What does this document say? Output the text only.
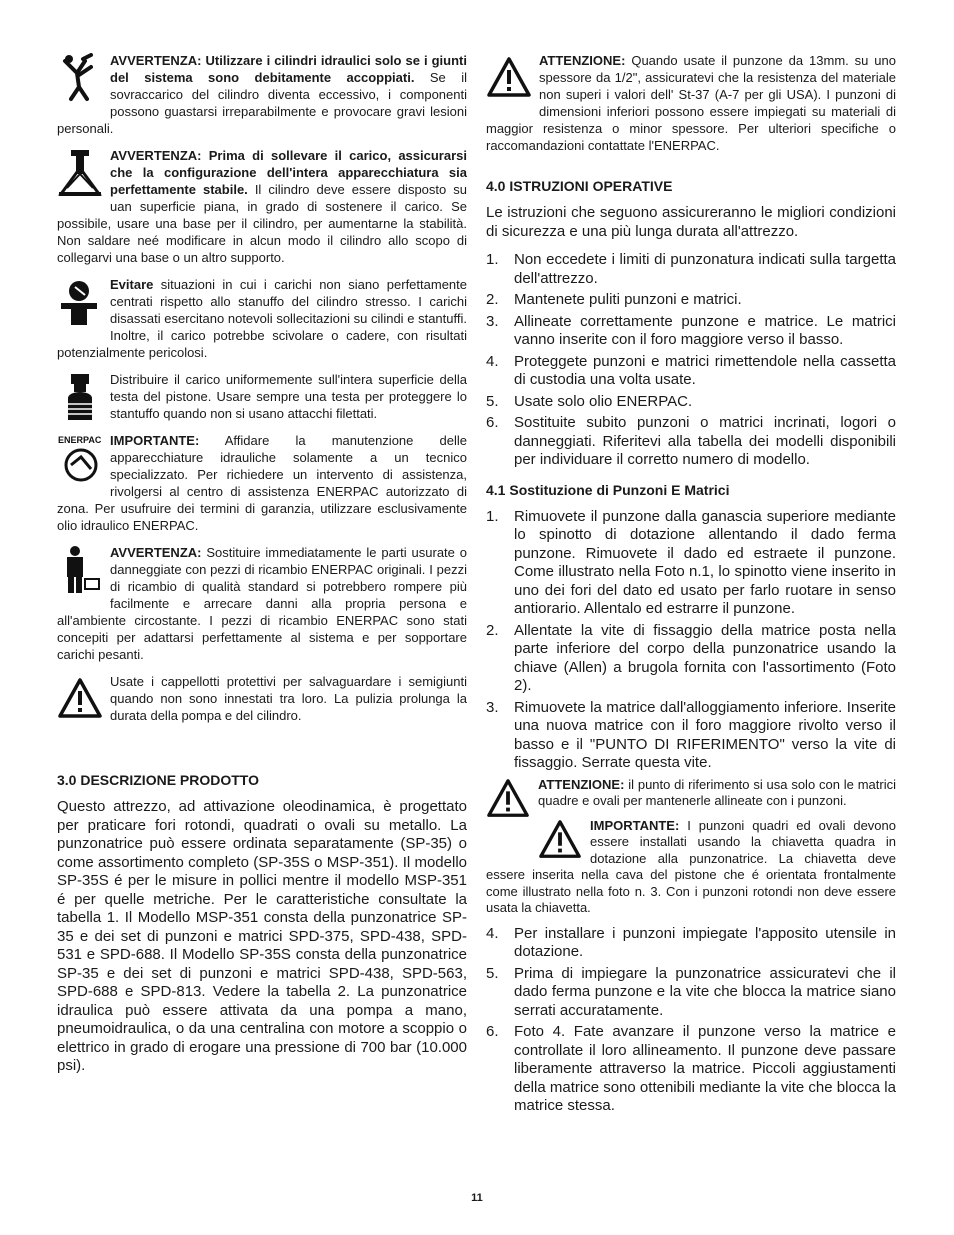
AVVERTENZA: Utilizzare i cilindri idraulici solo se i giunti del sistema sono debitamente accoppiati. Se il sovraccarico del cilindro diventa eccessivo, i componenti possono guastarsi irreparabilmente e provocare gravi lesioni personali.
AVVERTENZA: Prima di sollevare il carico, assicurarsi che la configurazione dell'intera apparecchiatura sia perfettamente stabile. Il cilindro deve essere disposto su uan superficie piana, in grado di sostenere il carico. Se possibile, usare una base per il cilindro, per aumentarne la stabilità. Non saldare neé modificare in alcun modo il cilindro allo scopo di collegarvi una base o un altro supporto.
Evitare situazioni in cui i carichi non siano perfettamente centrati rispetto allo stanuffo del cilindro stresso. I carichi disassati esercitano notevoli sollecitazioni su cilindi e stantuffi. Inoltre, il carico potrebbe scivolare o cadere, con risultati potenzialmente pericolosi.
Distribuire il carico uniformemente sull'intera superficie della testa del pistone. Usare sempre una testa per proteggere lo stantuffo quando non si usano attacchi filettati.
ENERPAC IMPORTANTE: Affidare la manutenzione delle apparecchiature idrauliche solamente a un tecnico specializzato. Per richiedere un intervento di assistenza, rivolgersi al centro di assistenza ENERPAC autorizzato di zona. Per usufruire dei termini di garanzia, utilizzare esclusivamente olio idraulico ENERPAC.
AVVERTENZA: Sostituire immediatamente le parti usurate o danneggiate con pezzi di ricambio ENERPAC originali. I pezzi di ricambio di qualità standard si potrebbero rompere più facilmente e arrecare danni alla propria persona e all'ambiente circostante. I pezzi di ricambio ENERPAC sono stati concepiti per adattarsi perfettamente al sistema e per sopportare carichi pesanti.
Usate i cappellotti protettivi per salvaguardare i semigiunti quando non sono innestati tra loro. La pulizia prolunga la durata della pompa e del cilindro.
3.0 DESCRIZIONE PRODOTTO

Questo attrezzo, ad attivazione oleodinamica, è progettato per praticare fori rotondi, quadrati o ovali su metallo. La punzonatrice può essere ordinata separatamente (SP-35) o come assortimento completo (SP-35S o MSP-351). Il modello SP-35S é per le misure in pollici mentre il modello MSP-351 é per quelle metriche. Per le caratteristiche consultate la tabella 1. Il Modello MSP-351 consta della punzonatrice SP-35 e dei set di punzoni e matrici SPD-375, SPD-438, SPD-531 e SPD-688. Il Modello SP-35S consta della punzonatrice SP-35 e dei set di punzoni e matrici SPD-438, SPD-563, SPD-688 e SPD-813. Vedere la tabella 2. La punzonatrice idraulica può essere attivata da una pompa a mano, pneumoidraulica, o da una centralina con motore a scoppio o elettrico in grado di erogare una pressione di 700 bar (10.000 psi).

ATTENZIONE: Quando usate il punzone da 13mm. su uno spessore da 1/2", assicuratevi che la resistenza del materiale non superi i valori dell' St-37 (A-7 per gli USA). I punzoni di dimensioni inferiori possono essere impiegati su materiali di maggior resistenza o minor spessore. Per ulteriori specifiche o raccomandazioni contattate l'ENERPAC.
4.0 ISTRUZIONI OPERATIVE

Le istruzioni che seguono assicureranno le migliori condizioni di sicurezza e una più lunga durata all'attrezzo.

1. Non eccedete i limiti di punzonatura indicati sulla targetta dell'attrezzo.
2. Mantenete puliti punzoni e matrici.
3. Allineate correttamente punzone e matrice. Le matrici vanno inserite con il foro maggiore verso il basso.
4. Proteggete punzoni e matrici rimettendole nella cassetta di custodia una volta usate.
5. Usate solo olio ENERPAC.
6. Sostituite subito punzoni o matrici incrinati, logori o danneggiati. Riferitevi alla tabella dei modelli disponibili per individuare il corretto numero di modello.
4.1 Sostituzione di Punzoni E Matrici
1. Rimuovete il punzone dalla ganascia superiore mediante lo spinotto di dotazione allentando il dado ferma punzone. Rimuovete il dado ed estraete il punzone. Come illustrato nella Foto n.1, lo spinotto viene inserito in uno dei fori del dato ed usato per farlo ruotare in senso antiorario. Allentalo ed estrarre il punzone.
2. Allentate la vite di fissaggio della matrice posta nella parte inferiore del corpo della punzonatrice usando la chiave (Allen) a brugola fornita con l'assortimento (Foto 2).
3. Rimuovete la matrice dall'alloggiamento inferiore. Inserite una nuova matrice con il foro maggiore rivolto verso il basso e il "PUNTO DI RIFERIMENTO" verso la vite di fissaggio. Serrate questa vite.
ATTENZIONE: il punto di riferimento si usa solo con le matrici quadre e ovali per mantenerle allineate con i punzoni.
IMPORTANTE: I punzoni quadri ed ovali devono essere installati usando la chiavetta quadra in dotazione alla punzonatrice. La chiavetta deve essere inserita nella cava del pistone che é orientata frontalmente come illustrato nella foto n. 3. Con i punzoni rotondi non deve essere usata la chiavetta.
4. Per installare i punzoni impiegate l'apposito utensile in dotazione.
5. Prima di impiegare la punzonatrice assicuratevi che il dado ferma punzone e la vite che blocca la matrice siano serrati accuratamente.
6. Foto 4. Fate avanzare il punzone verso la matrice e controllate il loro allineamento. Il punzone deve passare liberamente attraverso la matrice. Piccoli aggiustamenti della matrice sono ottenibili mediante la vite che blocca la matrice stessa.
11
